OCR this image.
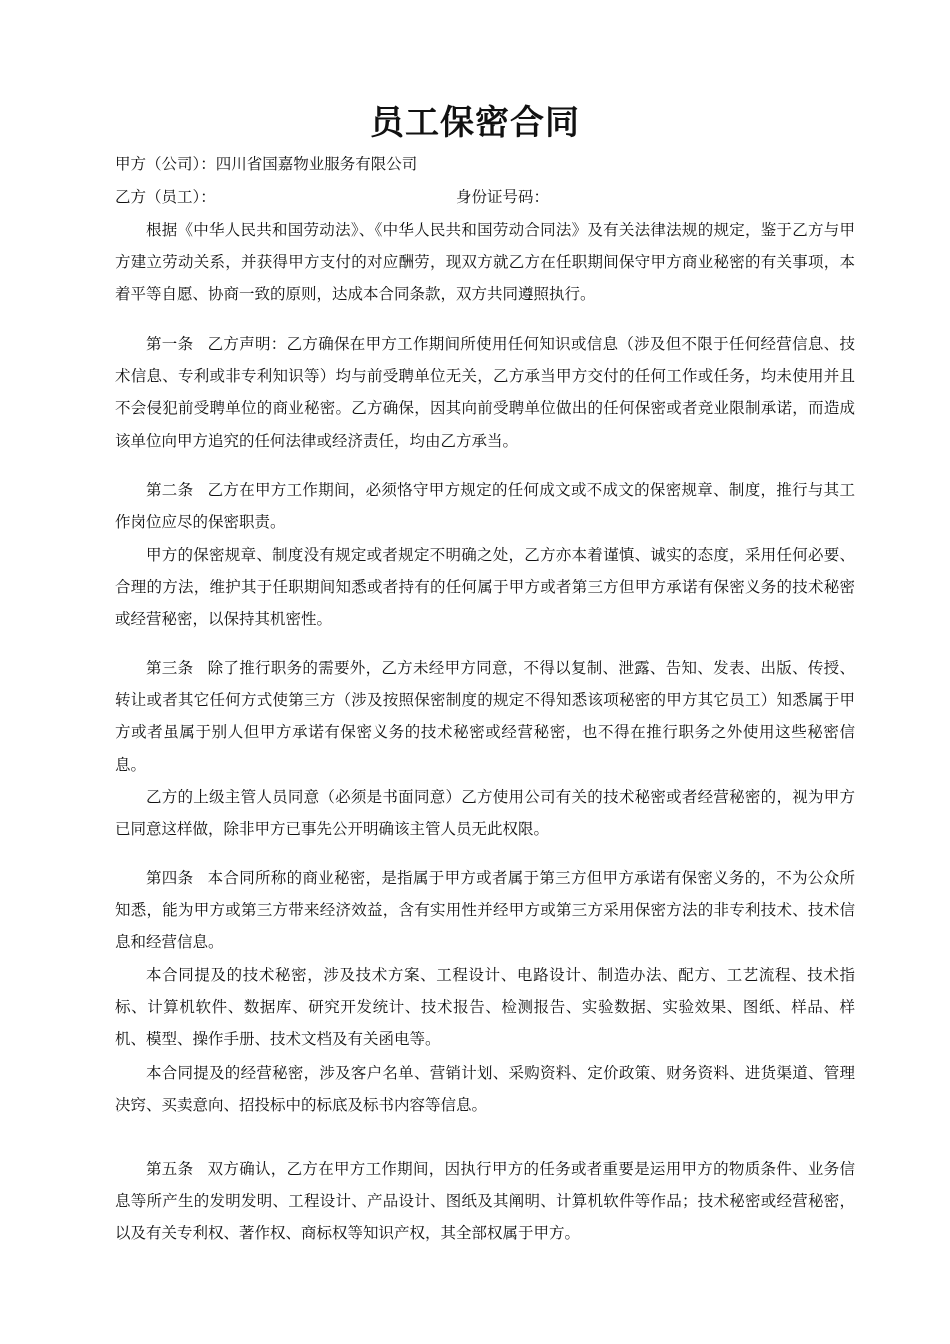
员工保密合同
甲方（公司）：四川省国嘉物业服务有限公司
乙方（员工）：	身份证号码：

根据《中华人民共和国劳动法》、《中华人民共和国劳动合同法》及有关法律法规的规定，鉴于乙方与甲方建立劳动关系，并获得甲方支付的对应酬劳，现双方就乙方在任职期间保守甲方商业秘密的有关事项，本着平等自愿、协商一致的原则，达成本合同条款，双方共同遵照执行。

第一条 乙方声明：乙方确保在甲方工作期间所使用任何知识或信息（涉及但不限于任何经营信息、技术信息、专利或非专利知识等）均与前受聘单位无关，乙方承当甲方交付的任何工作或任务，均未使用并且不会侵犯前受聘单位的商业秘密。乙方确保，因其向前受聘单位做出的任何保密或者竞业限制承诺，而造成该单位向甲方追究的任何法律或经济责任，均由乙方承当。

第二条 乙方在甲方工作期间，必须恪守甲方规定的任何成文或不成文的保密规章、制度，推行与其工作岗位应尽的保密职责。

甲方的保密规章、制度没有规定或者规定不明确之处，乙方亦本着谨慎、诚实的态度，采用任何必要、合理的方法，维护其于任职期间知悉或者持有的任何属于甲方或者第三方但甲方承诺有保密义务的技术秘密或经营秘密，以保持其机密性。

第三条 除了推行职务的需要外，乙方未经甲方同意，不得以复制、泄露、告知、发表、出版、传授、转让或者其它任何方式使第三方（涉及按照保密制度的规定不得知悉该项秘密的甲方其它员工）知悉属于甲方或者虽属于别人但甲方承诺有保密义务的技术秘密或经营秘密，也不得在推行职务之外使用这些秘密信息。

乙方的上级主管人员同意（必须是书面同意）乙方使用公司有关的技术秘密或者经营秘密的，视为甲方已同意这样做，除非甲方已事先公开明确该主管人员无此权限。

第四条 本合同所称的商业秘密，是指属于甲方或者属于第三方但甲方承诺有保密义务的，不为公众所知悉，能为甲方或第三方带来经济效益，含有实用性并经甲方或第三方采用保密方法的非专利技术、技术信息和经营信息。

本合同提及的技术秘密，涉及技术方案、工程设计、电路设计、制造办法、配方、工艺流程、技术指标、计算机软件、数据库、研究开发统计、技术报告、检测报告、实验数据、实验效果、图纸、样品、样机、模型、操作手册、技术文档及有关函电等。

本合同提及的经营秘密，涉及客户名单、营销计划、采购资料、定价政策、财务资料、进货渠道、管理决窍、买卖意向、招投标中的标底及标书内容等信息。

第五条 双方确认，乙方在甲方工作期间，因执行甲方的任务或者重要是运用甲方的物质条件、业务信息等所产生的发明发明、工程设计、产品设计、图纸及其阐明、计算机软件等作品；技术秘密或经营秘密，以及有关专利权、著作权、商标权等知识产权，其全部权属于甲方。
